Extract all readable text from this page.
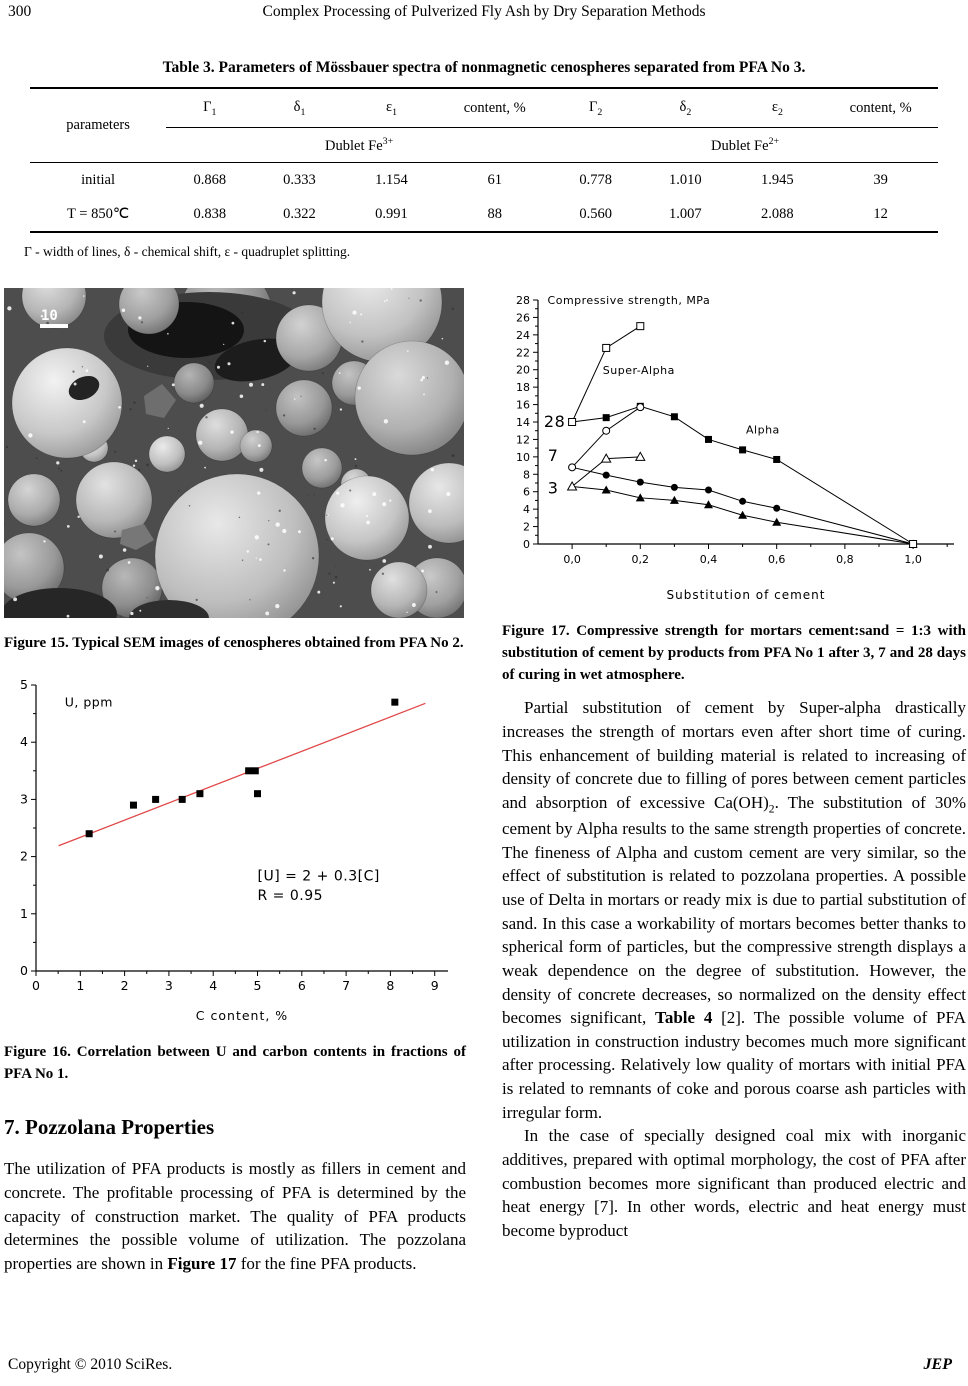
300	Complex Processing of Pulverized Fly Ash by Dry Separation Methods
Table 3. Parameters of Mössbauer spectra of nonmagnetic cenospheres separated from PFA No 3.
parameters	$\Gamma_1$	$\delta_1$	$\varepsilon_1$	content, %	$\Gamma_2$	$\delta_2$	$\varepsilon_2$	content, %
	Dublet $Fe^{3+}$				Dublet $Fe^{2+}$
initial	0.868	0.333	1.154	61	0.778	1.010	1.945	39
T = 850℃	0.838	0.322	0.991	88	0.560	1.007	2.088	12
Γ - width of lines, δ - chemical shift, ε - quadruplet splitting.
10
Figure 15. Typical SEM images of cenospheres obtained from PFA No 2.
0
1
2
3
4
5
0	1	2	3	4	5	6	7	8	9
U, ppm
[U] = 2 + 0.3[C]
R = 0.95
C content, %
Figure 16. Correlation between U and carbon contents in fractions of PFA No 1.
7. Pozzolana Properties

The utilization of PFA products is mostly as fillers in cement and concrete. The profitable processing of PFA is determined by the capacity of construction market. The quality of PFA products determines the possible volume of utilization. The pozzolana properties are shown in Figure 17 for the fine PFA products.

0
2
4
6
8
10
12
14
16
18
20
22
24
26
28
0,0	0,2	0,4	0,6	0,8	1,0
Compressive strength, MPa
Super-Alpha
Alpha
28
7
3
Substitution of cement
Figure 17. Compressive strength for mortars cement:sand = 1:3 with substitution of cement by products from PFA No 1 after 3, 7 and 28 days of curing in wet atmosphere.

Partial substitution of cement by Super-alpha drastically increases the strength of mortars even after short time of curing. This enhancement of building material is related to increasing of density of concrete due to filling of pores between cement particles and absorption of excessive $Ca(OH)_2$. The substitution of 30% cement by Alpha results to the same strength properties of concrete. The fineness of Alpha and custom cement are very similar, so the effect of substitution is related to pozzolana properties. A possible use of Delta in mortars or ready mix is due to partial substitution of sand. In this case a workability of mortars becomes better thanks to spherical form of particles, but the compressive strength displays a weak dependence on the degree of substitution. However, the density of concrete decreases, so normalized on the density effect becomes significant, Table 4 [2]. The possible volume of PFA utilization in construction industry becomes much more significant after processing. Relatively low quality of mortars with initial PFA is related to remnants of coke and porous coarse ash particles with irregular form.

In the case of specially designed coal mix with inorganic additives, prepared with optimal morphology, the cost of PFA after combustion becomes more significant than produced electric and heat energy [7]. In other words, electric and heat energy must become byproduct

Copyright © 2010 SciRes.	JEP
